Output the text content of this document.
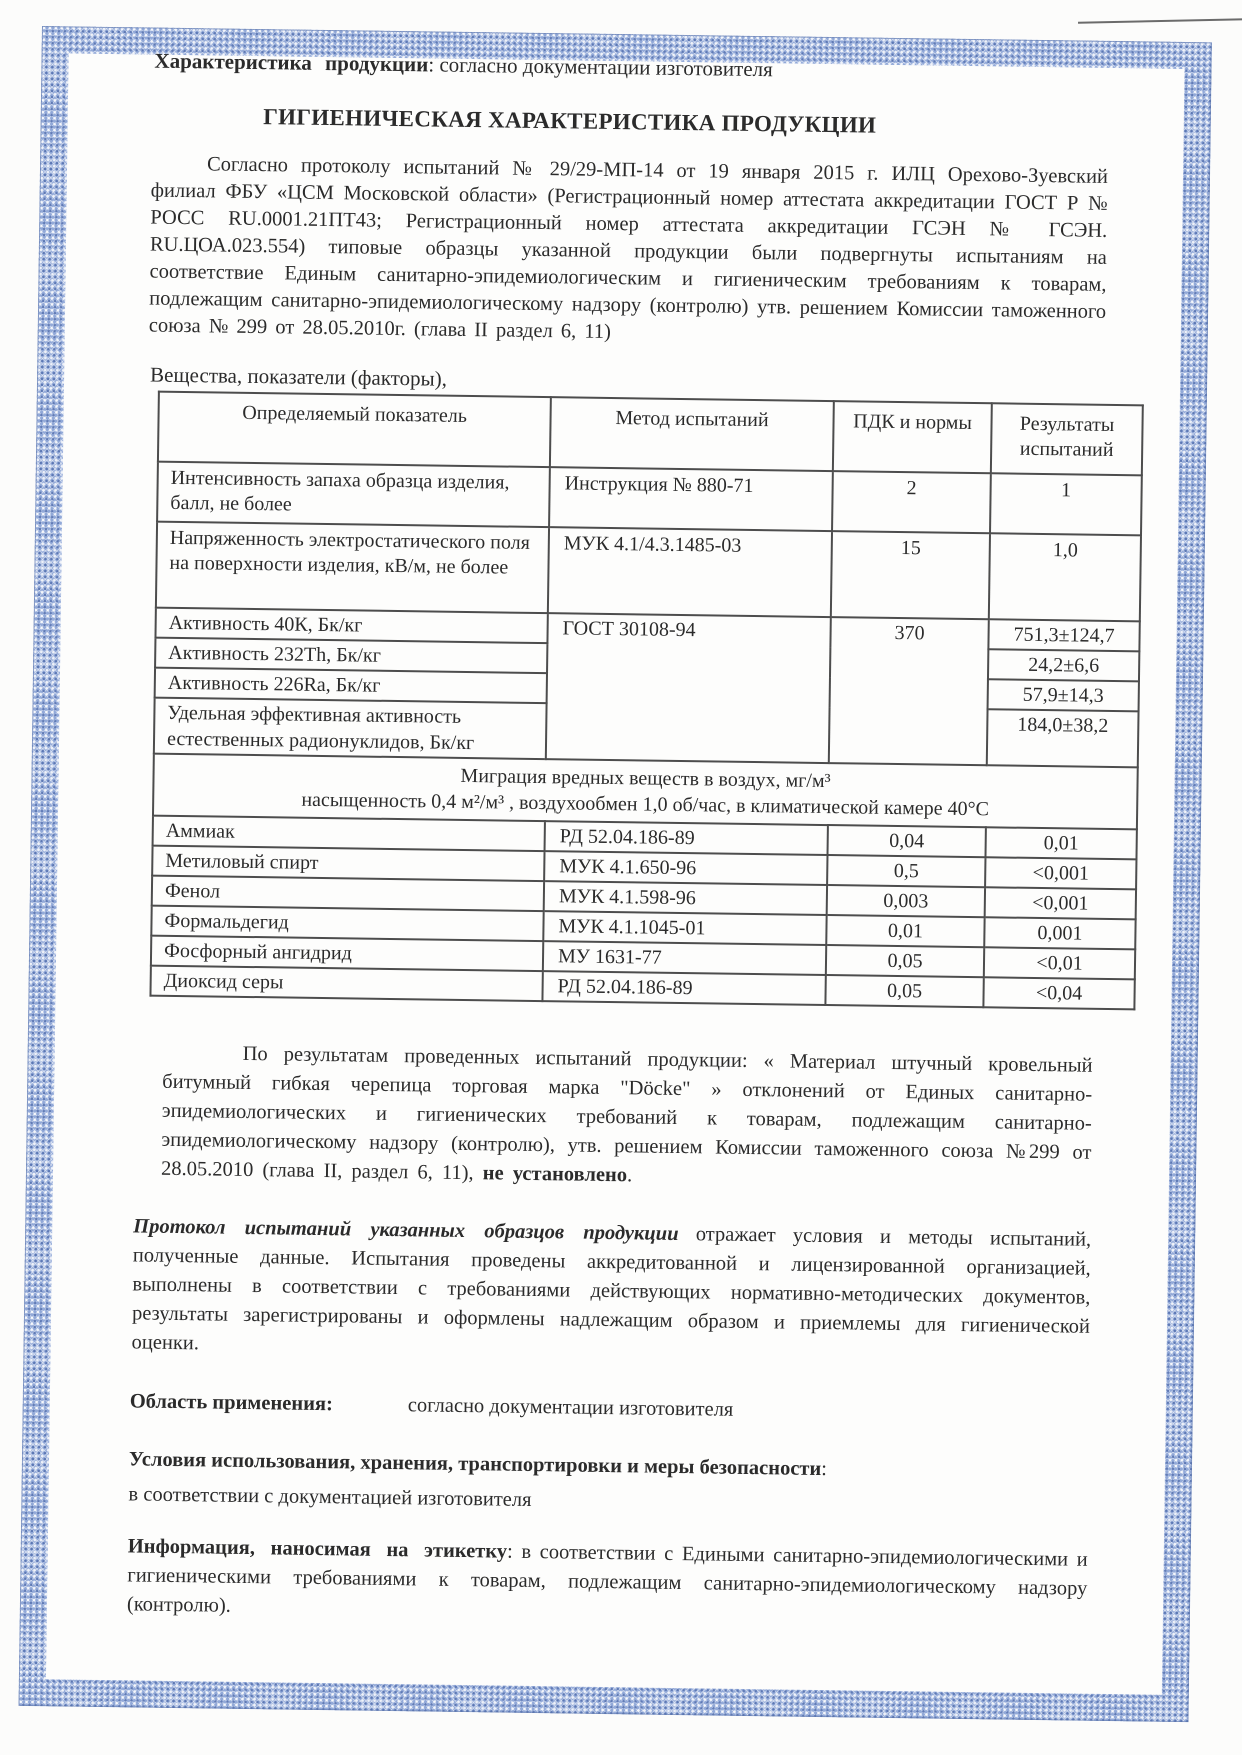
Характеристика продукции: согласно документации изготовителя
ГИГИЕНИЧЕСКАЯ ХАРАКТЕРИСТИКА ПРОДУКЦИИ
Согласно протоколу испытаний № 29/29-МП-14 от 19 января 2015 г. ИЛЦ Орехово-Зуевский филиал ФБУ «ЦСМ Московской области» (Регистрационный номер аттестата аккредитации ГОСТ Р № РОСС RU.0001.21ПТ43; Регистрационный номер аттестата аккредитации ГСЭН № ГСЭН. RU.ЦОА.023.554) типовые образцы указанной продукции были подвергнуты испытаниям на соответствие Единым санитарно-эпидемиологическим и гигиеническим требованиям к товарам, подлежащим санитарно-эпидемиологическому надзору (контролю) утв. решением Комиссии таможенного союза № 299 от 28.05.2010г. (глава II раздел 6, 11)
Вещества, показатели (факторы),
Определяемый показатель	Метод испытаний	ПДК и нормы	Результаты испытаний
Интенсивность запаха образца изделия, балл, не более	Инструкция № 880-71	2	1
Напряженность электростатического поля на поверхности изделия, кВ/м, не более	МУК 4.1/4.3.1485-03	15	1,0
Активность 40К, Бк/кг	ГОСТ 30108-94	370	751,3±124,7
Активность 232Th, Бк/кг			24,2±6,6
Активность 226Ra, Бк/кг			57,9±14,3
Удельная эффективная активность естественных радионуклидов, Бк/кг			184,0±38,2

Миграция вредных веществ в воздух, мг/м³
насыщенность 0,4 м²/м³ , воздухообмен 1,0 об/час, в климатической камере 40°С			

Аммиак	РД 52.04.186-89	0,04	0,01
Метиловый спирт	МУК 4.1.650-96	0,5	<0,001
Фенол	МУК 4.1.598-96	0,003	<0,001
Формальдегид	МУК 4.1.1045-01	0,01	0,001
Фосфорный ангидрид	МУ 1631-77	0,05	<0,01
Диоксид серы	РД 52.04.186-89	0,05	<0,04
По результатам проведенных испытаний продукции: « Материал штучный кровельный битумный гибкая черепица торговая марка "Döcke" » отклонений от Единых санитарно-эпидемиологических и гигиенических требований к товарам, подлежащим санитарно-эпидемиологическому надзору (контролю), утв. решением Комиссии таможенного союза №299 от 28.05.2010 (глава II, раздел 6, 11), не установлено.
Протокол испытаний указанных образцов продукции отражает условия и методы испытаний, полученные данные. Испытания проведены аккредитованной и лицензированной организацией, выполнены в соответствии с требованиями действующих нормативно-методических документов, результаты зарегистрированы и оформлены надлежащим образом и приемлемы для гигиенической оценки.
Область применения:	согласно документации изготовителя
Условия использования, хранения, транспортировки и меры безопасности:
в соответствии с документацией изготовителя
Информация, наносимая на этикетку: в соответствии с Едиными санитарно-эпидемиологическими и гигиеническими требованиями к товарам, подлежащим санитарно-эпидемиологическому надзору (контролю).
